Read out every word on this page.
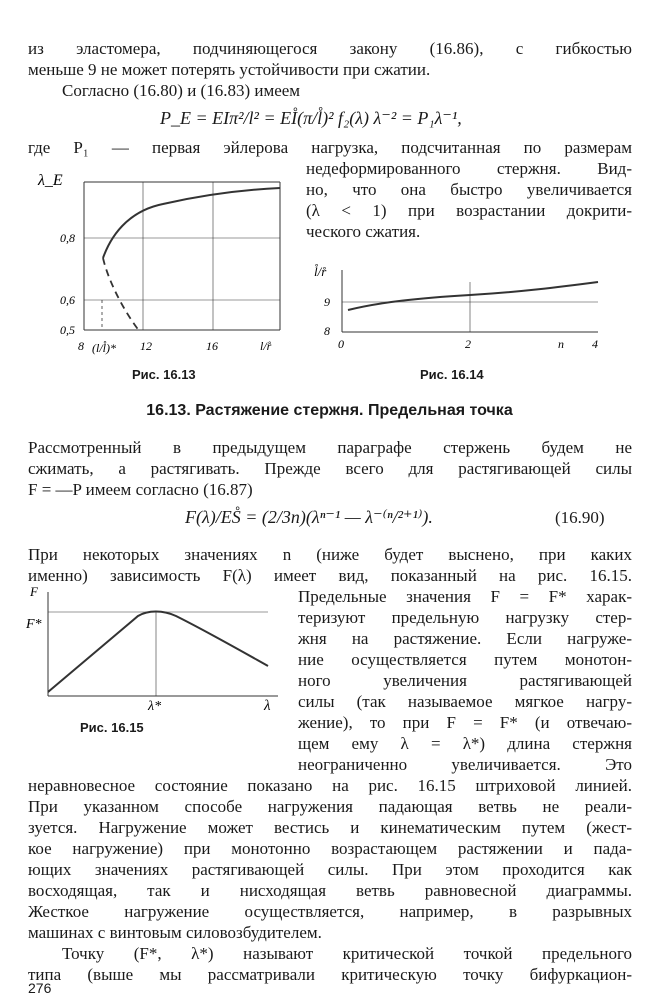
из эластомера, подчиняющегося закону (16.86), с гибкостью
меньше 9 не может потерять устойчивости при сжатии.
Согласно (16.80) и (16.83) имеем
P_E = EIπ²/l² = EI̊(π/l̊)² f₂(λ) λ⁻² = P₁λ⁻¹,
где P₁ — первая эйлерова нагрузка, подсчитанная по размерам
недеформированного стержня. Вид-
но, что она быстро увеличивается
(λ < 1) при возрастании докрити-
ческого сжатия.
λ_E
0,8
0,6
0,5
8 (l/l̊)* 12	16	l/r̊
Рис. 16.13
l̊/r̊
9
8
0	2	n 4
Рис. 16.14
16.13. Растяжение стержня. Предельная точка
Рассмотренный в предыдущем параграфе стержень будем не
сжимать, а растягивать. Прежде всего для растягивающей силы
F = —P имеем согласно (16.87)
F(λ)/ES̊ = (2/3n)(λⁿ⁻¹ — λ⁻⁽ⁿ/²⁺¹⁾).	(16.90)
При некоторых значениях n (ниже будет выснено, при каких
именно) зависимость F(λ) имеет вид, показанный на рис. 16.15.
Предельные значения F = F* харак-
теризуют предельную нагрузку стер-
жня на растяжение. Если нагруже-
ние осуществляется путем монотон-
ного увеличения растягивающей
силы (так называемое мягкое нагру-
жение), то при F = F* (и отвечаю-
щем ему λ = λ*) длина стержня
неограниченно увеличивается. Это
F
F*
λ*	λ
Рис. 16.15
неравновесное состояние показано на рис. 16.15 штриховой линией.
При указанном способе нагружения падающая ветвь не реали-
зуется. Нагружение может вестись и кинематическим путем (жест-
кое нагружение) при монотонно возрастающем растяжении и пада-
ющих значениях растягивающей силы. При этом проходится как
восходящая, так и нисходящая ветвь равновесной диаграммы.
Жесткое нагружение осуществляется, например, в разрывных
машинах с винтовым силовозбудителем.
Точку (F*, λ*) называют критической точкой предельного
типа (выше мы рассматривали критическую точку бифуркацион-
276
